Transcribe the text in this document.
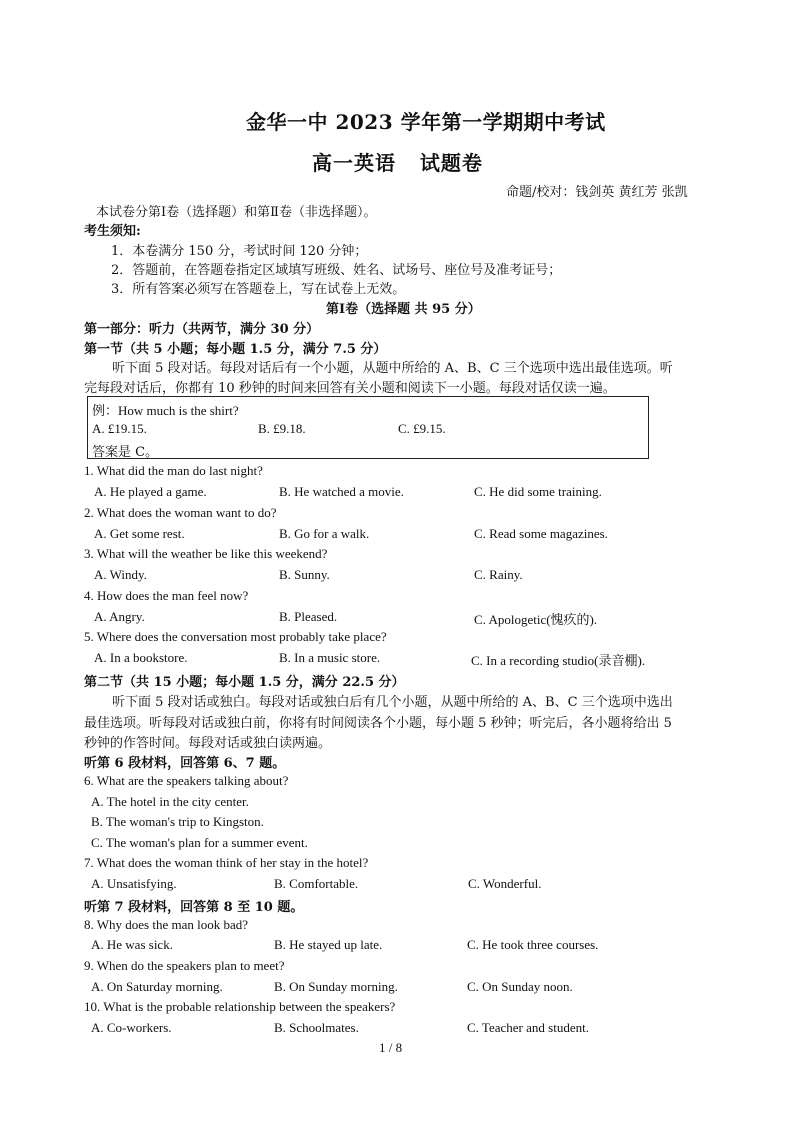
金华一中 2023 学年第一学期期中考试
高一英语   试题卷
命题/校对：钱剑英 黄红芳 张凯
本试卷分第Ⅰ卷（选择题）和第Ⅱ卷（非选择题）。
考生须知:
1．本卷满分 150 分，考试时间 120 分钟；
2．答题前，在答题卷指定区域填写班级、姓名、试场号、座位号及准考证号；
3．所有答案必须写在答题卷上，写在试卷上无效。
第Ⅰ卷（选择题 共 95 分）
第一部分：听力（共两节，满分 30 分）
第一节（共 5 小题；每小题 1.5 分，满分 7.5 分）
听下面 5 段对话。每段对话后有一个小题，从题中所给的 A、B、C 三个选项中选出最佳选项。听
完每段对话后，你都有 10 秒钟的时间来回答有关小题和阅读下一小题。每段对话仅读一遍。
例：How much is the shirt?
A. £19.15.	B. £9.18.	C. £9.15.
答案是 C。
1. What did the man do last night?
A. He played a game.	B. He watched a movie.	C. He did some training.
2. What does the woman want to do?
A. Get some rest.	B. Go for a walk.	C. Read some magazines.
3. What will the weather be like this weekend?
A. Windy.	B. Sunny.	C. Rainy.
4. How does the man feel now?
A. Angry.	B. Pleased.	C. Apologetic(愧疚的).
5. Where does the conversation most probably take place?
A. In a bookstore.	B. In a music store.	C. In a recording studio(录音棚).
第二节（共 15 小题；每小题 1.5 分，满分 22.5 分）
听下面 5 段对话或独白。每段对话或独白后有几个小题，从题中所给的 A、B、C 三个选项中选出
最佳选项。听每段对话或独白前，你将有时间阅读各个小题，每小题 5 秒钟；听完后，各小题将给出 5
秒钟的作答时间。每段对话或独白读两遍。
听第 6 段材料，回答第 6、7 题。
6. What are the speakers talking about?
A. The hotel in the city center.
B. The woman's trip to Kingston.
C. The woman's plan for a summer event.
7. What does the woman think of her stay in the hotel?
A. Unsatisfying.	B. Comfortable.	C. Wonderful.
听第 7 段材料，回答第 8 至 10 题。
8. Why does the man look bad?
A. He was sick.	B. He stayed up late.	C. He took three courses.
9. When do the speakers plan to meet?
A. On Saturday morning.	B. On Sunday morning.	C. On Sunday noon.
10. What is the probable relationship between the speakers?
A. Co-workers.	B. Schoolmates.	C. Teacher and student.
1 / 8
